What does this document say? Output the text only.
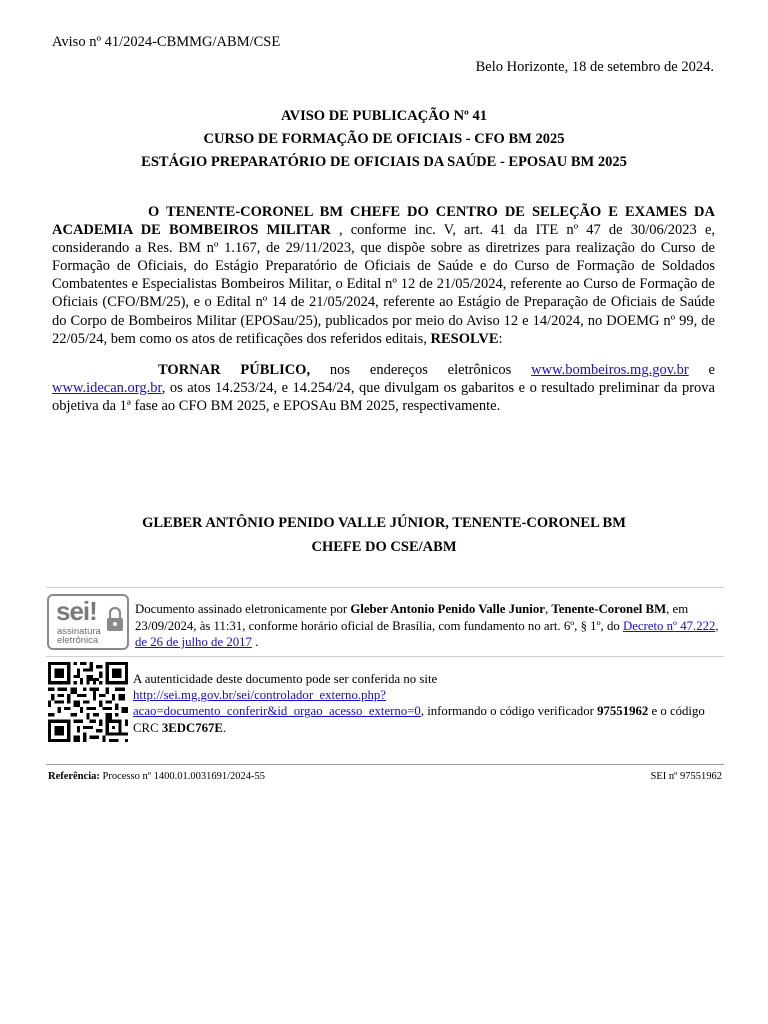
Aviso nº 41/2024-CBMMG/ABM/CSE
Belo Horizonte, 18 de setembro de 2024.
AVISO DE PUBLICAÇÃO Nº 41
CURSO DE FORMAÇÃO DE OFICIAIS - CFO BM 2025
ESTÁGIO PREPARATÓRIO DE OFICIAIS DA SAÚDE - EPOSAU BM 2025

O TENENTE-CORONEL BM CHEFE DO CENTRO DE SELEÇÃO E EXAMES DA ACADEMIA DE BOMBEIROS MILITAR , conforme inc. V, art. 41 da ITE nº 47 de 30/06/2023 e, considerando a Res. BM nº 1.167, de 29/11/2023, que dispõe sobre as diretrizes para realização do Curso de Formação de Oficiais, do Estágio Preparatório de Oficiais de Saúde e do Curso de Formação de Soldados Combatentes e Especialistas Bombeiros Militar, o Edital nº 12 de 21/05/2024, referente ao Curso de Formação de Oficiais (CFO/BM/25), e o Edital nº 14 de 21/05/2024, referente ao Estágio de Preparação de Oficiais de Saúde do Corpo de Bombeiros Militar (EPOSau/25), publicados por meio do Aviso 12 e 14/2024, no DOEMG nº 99, de 22/05/24, bem como os atos de retificações dos referidos editais, RESOLVE:

TORNAR PÚBLICO, nos endereços eletrônicos www.bombeiros.mg.gov.br e www.idecan.org.br, os atos 14.253/24, e 14.254/24, que divulgam os gabaritos e o resultado preliminar da prova objetiva da 1ª fase ao CFO BM 2025, e EPOSAu BM 2025, respectivamente.

GLEBER ANTÔNIO PENIDO VALLE JÚNIOR, TENENTE-CORONEL BM
CHEFE DO CSE/ABM
sei!
assinatura
eletrônica
Documento assinado eletronicamente por Gleber Antonio Penido Valle Junior, Tenente-Coronel BM, em 23/09/2024, às 11:31, conforme horário oficial de Brasília, com fundamento no art. 6º, § 1º, do Decreto nº 47.222, de 26 de julho de 2017 .
A autenticidade deste documento pode ser conferida no site
http://sei.mg.gov.br/sei/controlador_externo.php?
acao=documento_conferir&id_orgao_acesso_externo=0, informando o código verificador 97551962 e o código CRC 3EDC767E.
Referência: Processo nº 1400.01.0031691/2024-55	SEI nº 97551962
